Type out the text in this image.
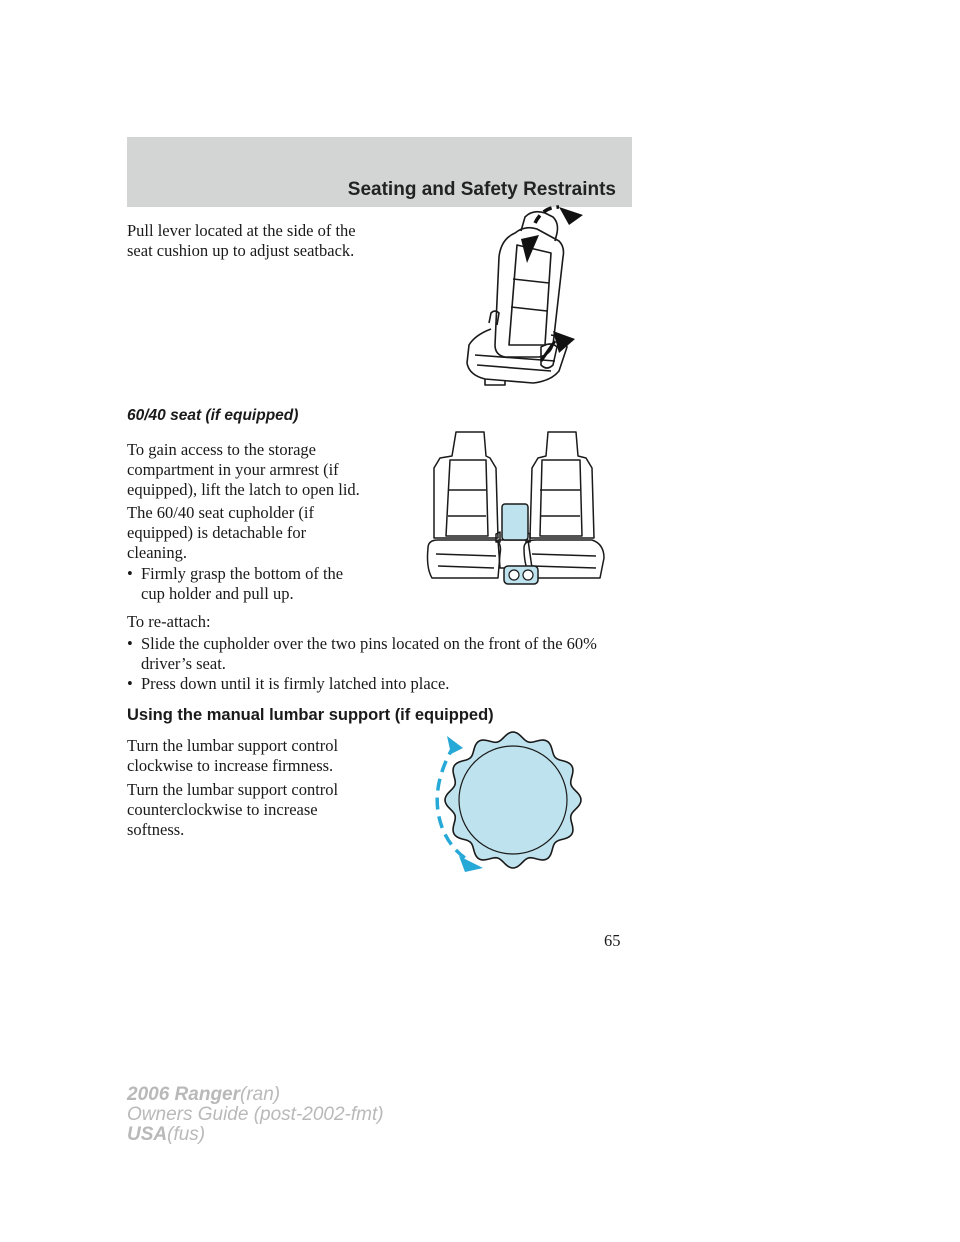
Seating and Safety Restraints
Pull lever located at the side of the
seat cushion up to adjust seatback.
60/40 seat (if equipped)
To gain access to the storage
compartment in your armrest (if
equipped), lift the latch to open lid.
The 60/40 seat cupholder (if
equipped) is detachable for
cleaning.
• Firmly grasp the bottom of the
cup holder and pull up.
To re-attach:
• Slide the cupholder over the two pins located on the front of the 60%
driver’s seat.
• Press down until it is firmly latched into place.
Using the manual lumbar support (if equipped)
Turn the lumbar support control
clockwise to increase firmness.
Turn the lumbar support control
counterclockwise to increase
softness.
65
2006 Ranger(ran)
Owners Guide (post-2002-fmt)
USA(fus)
